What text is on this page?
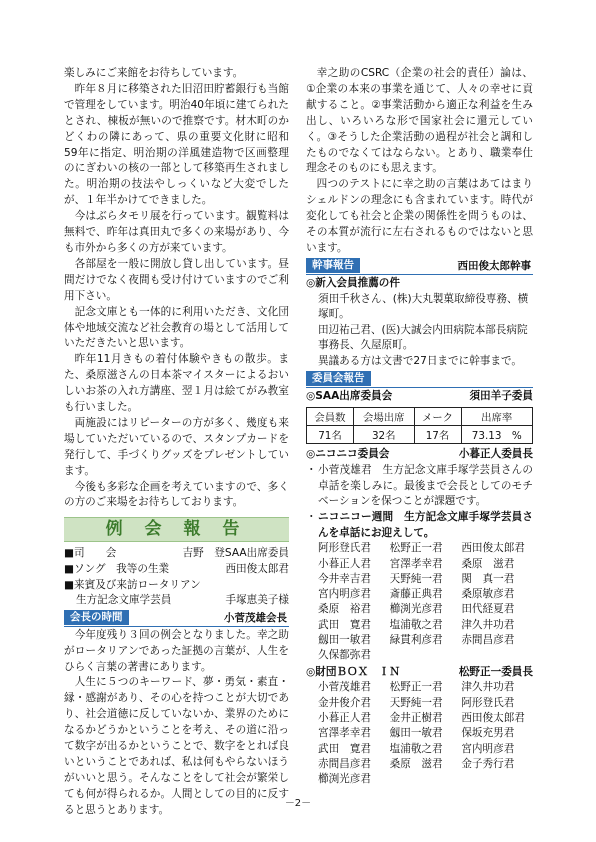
楽しみにご来館をお待ちしています。

昨年８月に移築された旧沼田貯蓄銀行も当館で管理をしています。明治40年頃に建てられたとされ、棟板が無いので推察です。材木町のかどくわの隣にあって、県の重要文化財に昭和59年に指定、明治期の洋風建造物で区画整理のにぎわいの核の一部として移築再生されました。明治期の技法やしっくいなど大変でしたが、１年半かけてできました。

今はぶらタモリ展を行っています。観覧料は無料で、昨年は真田丸で多くの来場があり、今も市外から多くの方が来ています。

各部屋を一般に開放し貸し出しています。昼間だけでなく夜間も受け付けていますのでご利用下さい。

記念文庫とも一体的に利用いただき、文化団体や地域交流など社会教育の場として活用していただきたいと思います。

昨年11月きもの着付体験やきもの散歩。また、桑原滋さんの日本茶マイスターによるおいしいお茶の入れ方講座、翌１月は絵てがみ教室も行いました。

両施設にはリピーターの方が多く、幾度も来場していただいているので、スタンプカードを発行して、手づくりグッズをプレゼントしています。

今後も多彩な企画を考えていますので、多くの方のご来場をお待ちしております。

例 会 報 告
■司　　会	吉野　登SAA出席委員
■ソング　我等の生業	西田俊太郎君
■来賓及び来訪ロータリアン
生方記念文庫学芸員	手塚恵美子様
会長の時間	小菅茂雄会長

今年度残り３回の例会となりました。幸之助がロータリアンであった証拠の言葉が、人生をひらく言葉の著書にあります。

人生に５つのキーワード、夢・勇気・素直・縁・感謝があり、その心を持つことが大切であり、社会道徳に反していないか、業界のためになるかどうかということを考え、その道に沿って数字が出るかということで、数字をとれば良いということであれば、私は何もやらないほうがいいと思う。そんなことをして社会が繁栄しても何が得られるか。人間としての目的に反すると思うとあります。

幸之助のCSRC（企業の社会的責任）論は、①企業の本来の事業を通じて、人々の幸せに貢献すること。②事業活動から適正な利益を生み出し、いろいろな形で国家社会に還元していく。③そうした企業活動の過程が社会と調和したものでなくてはならない。とあり、職業奉仕理念そのものにも思えます。

四つのテストにに幸之助の言葉はあてはまりシェルドンの理念にも含まれています。時代が変化しても社会と企業の関係性を問うものは、その本質が流行に左右されるものではないと思います。

幹事報告	西田俊太郎幹事
◎新入会員推薦の件
須田千秋さん、(株)大丸製菓取締役専務、横塚町。
田辺祐己君、(医)大誠会内田病院本部長病院事務長、久屋原町。
異議ある方は文書で27日までに幹事まで。
委員会報告
◎SAA出席委員会	須田羊子委員
会員数	会場出席	メーク	出席率
71名	32名	17名	73.13　%
◎ニコニコ委員会	小暮正人委員長
・ 小菅茂雄君　生方記念文庫手塚学芸員さんの卓話を楽しみに。最後まで会長としてのモチベーションを保つことが課題です。
・ ニコニコー週間　生方記念文庫手塚学芸員さんを卓話にお迎えして。
阿形登氏君	松野正一君	西田俊太郎君
小暮正人君	宮澤孝幸君	桑原　滋君
今井幸吉君	天野純一君	関　真一君
宮内明彦君	斎藤正典君	桑原敏彦君
桑原　裕君	櫛渕光彦君	田代経夏君
武田　寛君	塩浦敬之君	津久井功君
劔田一敏君	緑貫利彦君	赤間昌彦君
久保都弥君
◎財団ＢＯＸ　ＩＮ	松野正一委員長
小菅茂雄君	松野正一君	津久井功君
金井俊介君	天野純一君	阿形登氏君
小暮正人君	金井正樹君	西田俊太郎君
宮澤孝幸君	劔田一敏君	保坂充男君
武田　寛君	塩浦敬之君	宮内明彦君
赤間昌彦君	桑原　滋君	金子秀行君
櫛渕光彦君
－2－
